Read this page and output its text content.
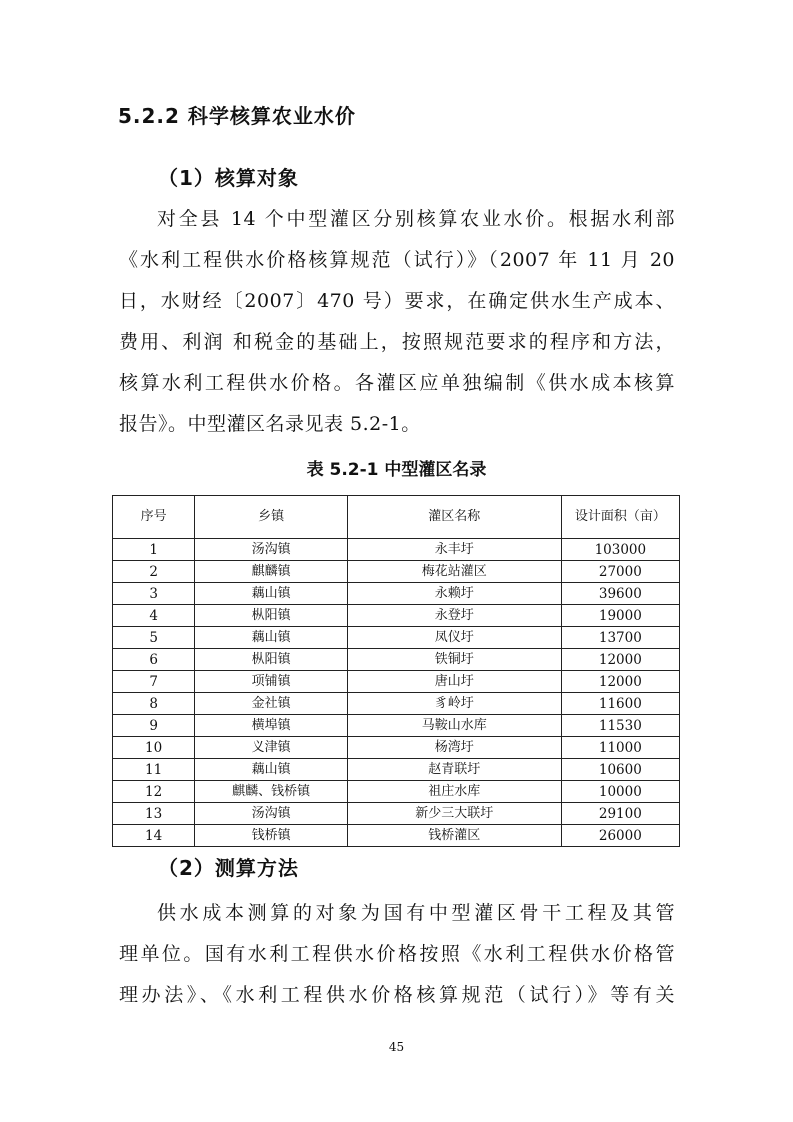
5.2.2 科学核算农业水价
（1）核算对象
对全县 14 个中型灌区分别核算农业水价。根据水利部
《水利工程供水价格核算规范（试行）》（2007 年 11 月 20
日，水财经〔2007〕470 号）要求，在确定供水生产成本、
费用、利润 和税金的基础上，按照规范要求的程序和方法，
核算水利工程供水价格。各灌区应单独编制《供水成本核算
报告》。中型灌区名录见表 5.2-1。
表 5.2-1 中型灌区名录
序号	乡镇	灌区名称	设计面积（亩）
1	汤沟镇	永丰圩	103000
2	麒麟镇	梅花站灌区	27000
3	藕山镇	永赖圩	39600
4	枞阳镇	永登圩	19000
5	藕山镇	凤仪圩	13700
6	枞阳镇	铁铜圩	12000
7	项铺镇	唐山圩	12000
8	金社镇	豸岭圩	11600
9	横埠镇	马鞍山水库	11530
10	义津镇	杨湾圩	11000
11	藕山镇	赵青联圩	10600
12	麒麟、钱桥镇	祖庄水库	10000
13	汤沟镇	新少三大联圩	29100
14	钱桥镇	钱桥灌区	26000
（2）测算方法
供水成本测算的对象为国有中型灌区骨干工程及其管
理单位。国有水利工程供水价格按照《水利工程供水价格管
理办法》、《水利工程供水价格核算规范（试行）》等有关
45
